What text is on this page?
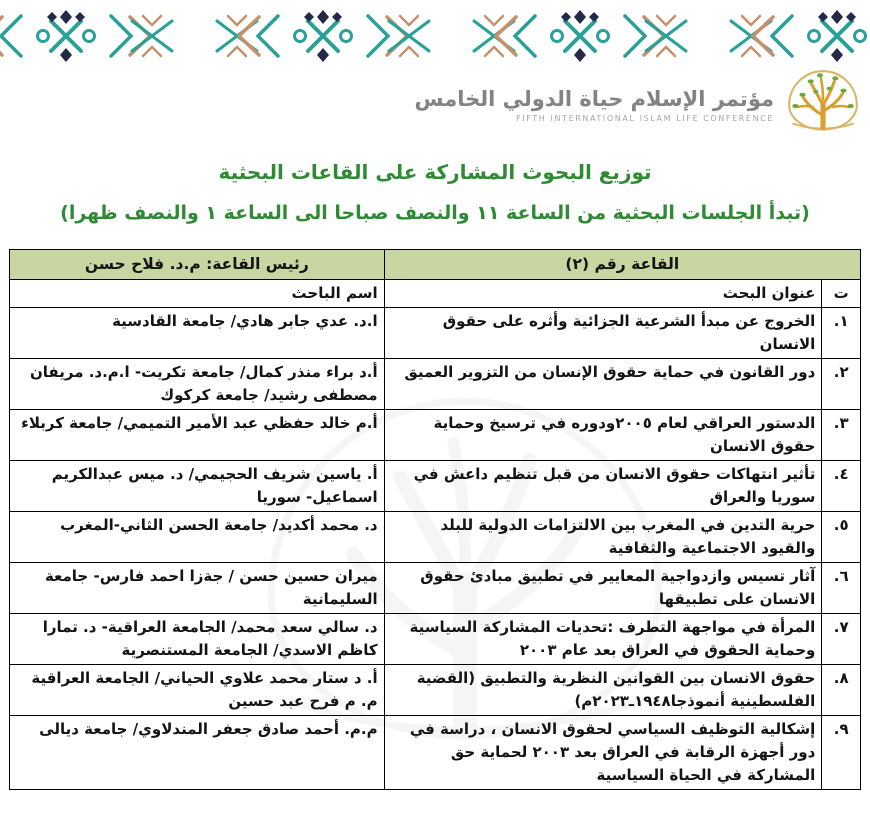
مؤتمر الإسلام حياة الدولي الخامس
FIFTH INTERNATIONAL ISLAM LIFE CONFERENCE
توزيع البحوث المشاركة على القاعات البحثية
(تبدأ الجلسات البحثية من الساعة ١١ والنصف صباحا الى الساعة ١ والنصف ظهرا)
القاعة رقم (٢)		رئيس القاعة: م.د. فلاح حسن
ت	عنوان البحث	اسم الباحث
١.	الخروج عن مبدأ الشرعية الجزائية وأثره على حقوق الانسان	ا.د. عدي جابر هادي/ جامعة القادسية
٢.	دور القانون في حماية حقوق الإنسان من التزوير العميق	أ.د براء منذر كمال/ جامعة تكريت- ا.م.د. مريفان مصطفى رشيد/ جامعة كركوك
٣.	الدستور العراقي لعام ٢٠٠٥ودوره في ترسيخ وحماية حقوق الانسان	أ.م خالد حفظي عبد الأمير التميمي/ جامعة كربلاء
٤.	تأثير انتهاكات حقوق الانسان من قبل تنظيم داعش في سوريا والعراق	أ. ياسين شريف الحجيمي/ د. ميس عبدالكريم اسماعيل- سوريا
٥.	حرية التدين في المغرب بين الالتزامات الدولية للبلد والقيود الاجتماعية والثقافية	د. محمد أكديد/ جامعة الحسن الثاني-المغرب
٦.	آثار تسيس وازدواجية المعايير في تطبيق مبادئ حقوق الانسان على تطبيقها	ميران حسين حسن / جةزا احمد فارس- جامعة السليمانية
٧.	المرأة في مواجهة التطرف :تحديات المشاركة السياسية وحماية الحقوق في العراق بعد عام ٢٠٠٣	د. سالي سعد محمد/ الجامعة العراقية- د. تمارا كاظم الاسدي/ الجامعة المستنصرية
٨.	حقوق الانسان بين القوانين النظرية والتطبيق (القضية الفلسطينية أنموذجا١٩٤٨ـ٢٠٢٣م)	أ. د ستار محمد علاوي الحياني/ الجامعة العراقية م. م فرح عبد حسين
٩.	إشكالية التوظيف السياسي لحقوق الانسان ، دراسة في دور أجهزة الرقابة في العراق بعد ٢٠٠٣ لحماية حق المشاركة في الحياة السياسية	م.م. أحمد صادق جعفر المندلاوي/ جامعة ديالى
